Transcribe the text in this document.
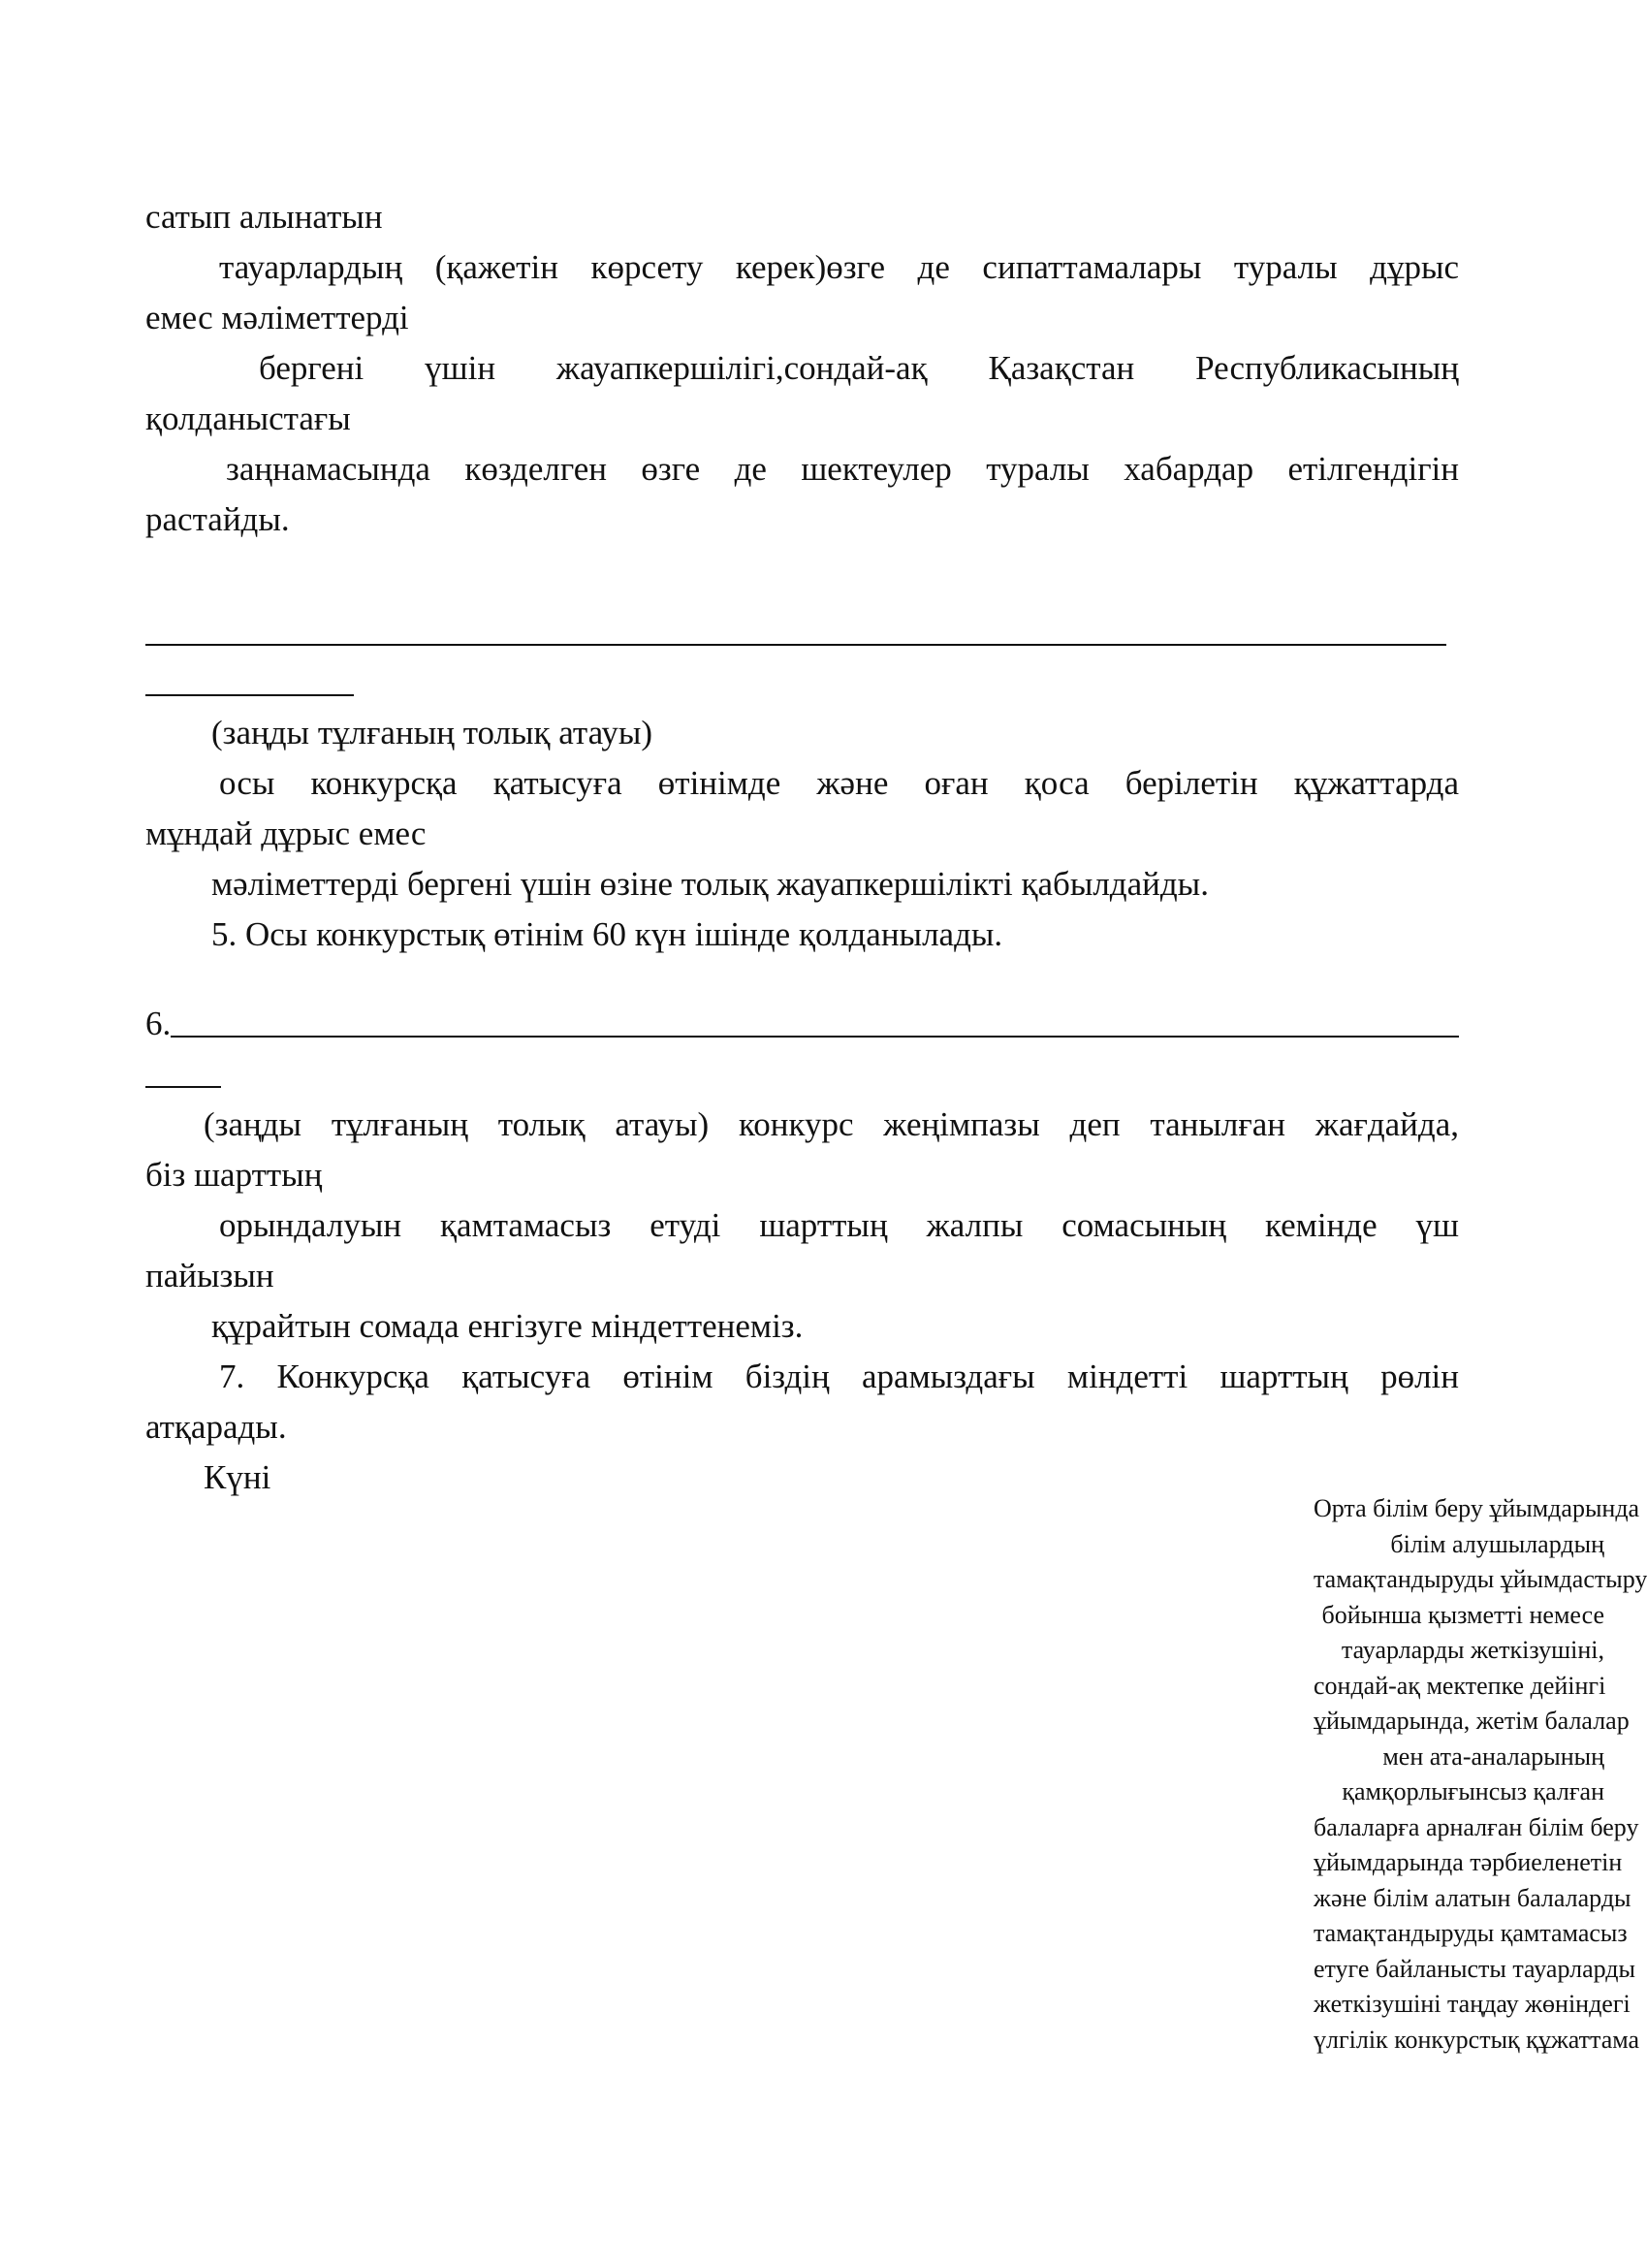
сатып алынатын

тауарлардың (қажетін көрсету керек)өзге де сипаттамалары туралы дұрыс

емес мәліметтерді

бергені үшін жауапкершілігі,сондай-ақ Қазақстан Республикасының

қолданыстағы

заңнамасында көзделген өзге де шектеулер туралы хабардар етілгендігін

растайды.

(заңды тұлғаның толық атауы)

осы конкурсқа қатысуға өтінімде және оған қоса берілетін құжаттарда

мұндай дұрыс емес

мәліметтерді бергені үшін өзіне толық жауапкершілікті қабылдайды.

5. Осы конкурстық өтінім 60 күн ішінде қолданылады.

6.

(заңды тұлғаның толық атауы) конкурс жеңімпазы деп танылған жағдайда,

біз шарттың

орындалуын қамтамасыз етуді шарттың жалпы сомасының кемінде үш

пайызын

құрайтын сомада енгізуге міндеттенеміз.

7. Конкурсқа қатысуға өтінім біздің арамыздағы міндетті шарттың рөлін

атқарады.

Күні

Орта білім беру ұйымдарында
білім алушылардың
тамақтандыруды ұйымдастыру
бойынша қызметті немесе
тауарларды жеткізушіні,
сондай-ақ мектепке дейінгі
ұйымдарында, жетім балалар
мен ата-аналарының
қамқорлығынсыз қалған
балаларға арналған білім беру
ұйымдарында тәрбиеленетін
және білім алатын балаларды
тамақтандыруды қамтамасыз
етуге байланысты тауарларды
жеткізушіні таңдау жөніндегі
үлгілік конкурстық құжаттама
